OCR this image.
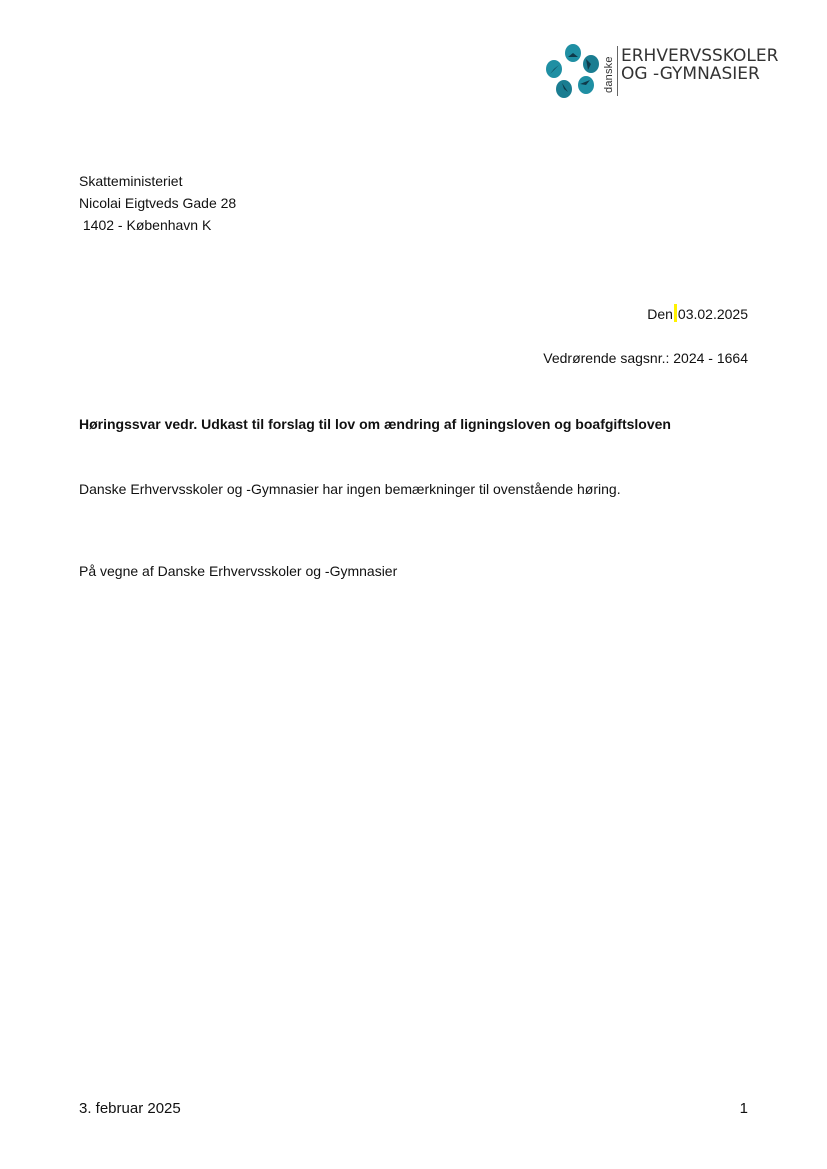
danske
ERHVERVSSKOLER
OG -GYMNASIER
Skatteministeriet
Nicolai Eigtveds Gade 28
1402 - København K
Den 03.02.2025
Vedrørende sagsnr.: 2024 - 1664
Høringssvar vedr. Udkast til forslag til lov om ændring af ligningsloven og boafgiftsloven
Danske Erhvervsskoler og -Gymnasier har ingen bemærkninger til ovenstående høring.
På vegne af Danske Erhvervsskoler og -Gymnasier
3. februar 2025	1
